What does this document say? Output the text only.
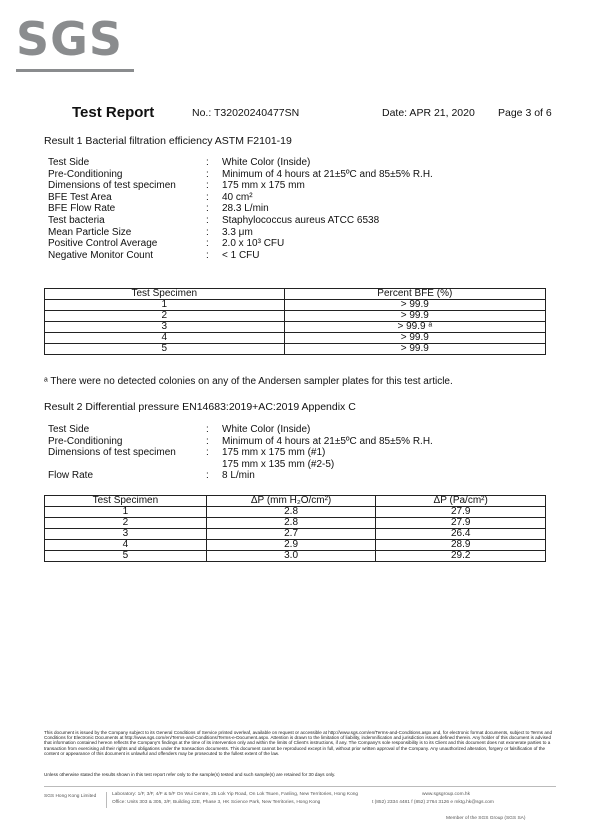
SGS
Test Report	No.: T32020240477SN	Date: APR 21, 2020 Page 3 of 6
Result 1 Bacterial filtration efficiency ASTM F2101-19
Test Side	:	White Color (Inside)
Pre-Conditioning	:	Minimum of 4 hours at 21±5ºC and 85±5% R.H.
Dimensions of test specimen	:	175 mm x 175 mm
BFE Test Area	:	40 cm²
BFE Flow Rate	:	28.3 L/min
Test bacteria	:	Staphylococcus aureus ATCC 6538
Mean Particle Size	:	3.3 μm
Positive Control Average	:	2.0 x 10³ CFU
Negative Monitor Count	:	< 1 CFU
Test Specimen	Percent BFE (%)
1	> 99.9
2	> 99.9
3	> 99.9 ᵃ
4	> 99.9
5	> 99.9
ᵃ There were no detected colonies on any of the Andersen sampler plates for this test article.
Result 2 Differential pressure EN14683:2019+AC:2019 Appendix C
Test Side	:	White Color (Inside)
Pre-Conditioning	:	Minimum of 4 hours at 21±5ºC and 85±5% R.H.
Dimensions of test specimen	:	175 mm x 175 mm (#1)
175 mm x 135 mm (#2-5)
Flow Rate	:	8 L/min
Test Specimen	ΔP (mm H₂O/cm²)	ΔP (Pa/cm²)
1	2.8	27.9
2	2.8	27.9
3	2.7	26.4
4	2.9	28.9
5	3.0	29.2
This document is issued by the Company subject to its General Conditions of Service printed overleaf, available on request or accessible at http://www.sgs.com/en/Terms-and-Conditions.aspx and, for electronic format documents, subject to Terms and Conditions for Electronic Documents at http://www.sgs.com/en/Terms-and-Conditions/Terms-e-Document.aspx. Attention is drawn to the limitation of liability, indemnification and jurisdiction issues defined therein. Any holder of this document is advised that information contained hereon reflects the Company's findings at the time of its intervention only and within the limits of Client's instructions, if any. The Company's sole responsibility is to its Client and this document does not exonerate parties to a transaction from exercising all their rights and obligations under the transaction documents. This document cannot be reproduced except in full, without prior written approval of the Company. Any unauthorized alteration, forgery or falsification of the content or appearance of this document is unlawful and offenders may be prosecuted to the fullest extent of the law.
Unless otherwise stated the results shown in this test report refer only to the sample(s) tested and such sample(s) are retained for 30 days only.
SGS Hong Kong Limited	Laboratory: 1/F, 3/F, 4/F & 5/F On Wui Centre, 25 Lok Yip Road, On Lok Tsuen, Fanling, New Territories, Hong Kong
Office: Units 303 & 305, 3/F, Building 22E, Phase 3, HK Science Park, New Territories, Hong Kong
www.sgsgroup.com.hk
t (852) 2334 4481 f (852) 2764 3126 e mktg.hk@sgs.com
Member of the SGS Group (SGS SA)
